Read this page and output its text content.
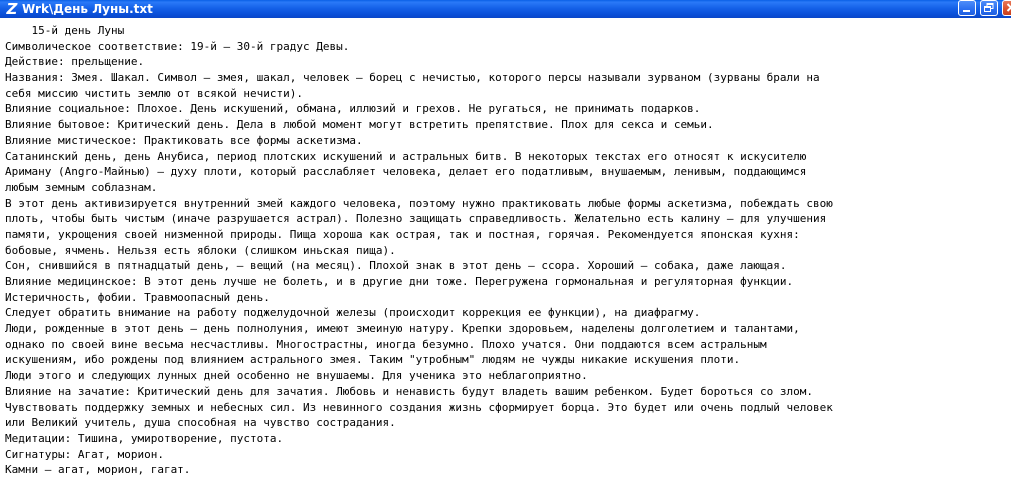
Z Wrk\День Луны.txt
15-й день Луны
Символическое соответствие: 19-й – 30-й градус Девы.
Действие: прельщение.
Названия: Змея. Шакал. Символ – змея, шакал, человек – борец с нечистью, которого персы называли зурваном (зурваны брали на
себя миссию чистить землю от всякой нечисти).
Влияние социальное: Плохое. День искушений, обмана, иллюзий и грехов. Не ругаться, не принимать подарков.
Влияние бытовое: Критический день. Дела в любой момент могут встретить препятствие. Плох для секса и семьи.
Влияние мистическое: Практиковать все формы аскетизма.
Сатанинский день, день Анубиса, период плотских искушений и астральных битв. В некоторых текстах его относят к искусителю
Ариману (Angro-Майнью) – духу плоти, который расслабляет человека, делает его податливым, внушаемым, ленивым, поддающимся
любым земным соблазнам.
В этот день активизируется внутренний змей каждого человека, поэтому нужно практиковать любые формы аскетизма, побеждать свою
плоть, чтобы быть чистым (иначе разрушается астрал). Полезно защищать справедливость. Желательно есть калину – для улучшения
памяти, укрощения своей низменной природы. Пища хороша как острая, так и постная, горячая. Рекомендуется японская кухня:
бобовые, ячмень. Нельзя есть яблоки (слишком иньская пища).
Сон, снившийся в пятнадцатый день, – вещий (на месяц). Плохой знак в этот день – ссора. Хороший – собака, даже лающая.
Влияние медицинское: В этот день лучше не болеть, и в другие дни тоже. Перегружена гормональная и регуляторная функции.
Истеричность, фобии. Травмоопасный день.
Следует обратить внимание на работу поджелудочной железы (происходит коррекция ее функции), на диафрагму.
Люди, рожденные в этот день – день полнолуния, имеют змеиную натуру. Крепки здоровьем, наделены долголетием и талантами,
однако по своей вине весьма несчастливы. Многострастны, иногда безумно. Плохо учатся. Они поддаются всем астральным
искушениям, ибо рождены под влиянием астрального змея. Таким "утробным" людям не чужды никакие искушения плоти.
Люди этого и следующих лунных дней особенно не внушаемы. Для ученика это неблагоприятно.
Влияние на зачатие: Критический день для зачатия. Любовь и ненависть будут владеть вашим ребенком. Будет бороться со злом.
Чувствовать поддержку земных и небесных сил. Из невинного создания жизнь сформирует борца. Это будет или очень подлый человек
или Великий учитель, душа способная на чувство сострадания.
Медитации: Тишина, умиротворение, пустота.
Сигнатуры: Агат, морион.
Камни – агат, морион, гагат.
